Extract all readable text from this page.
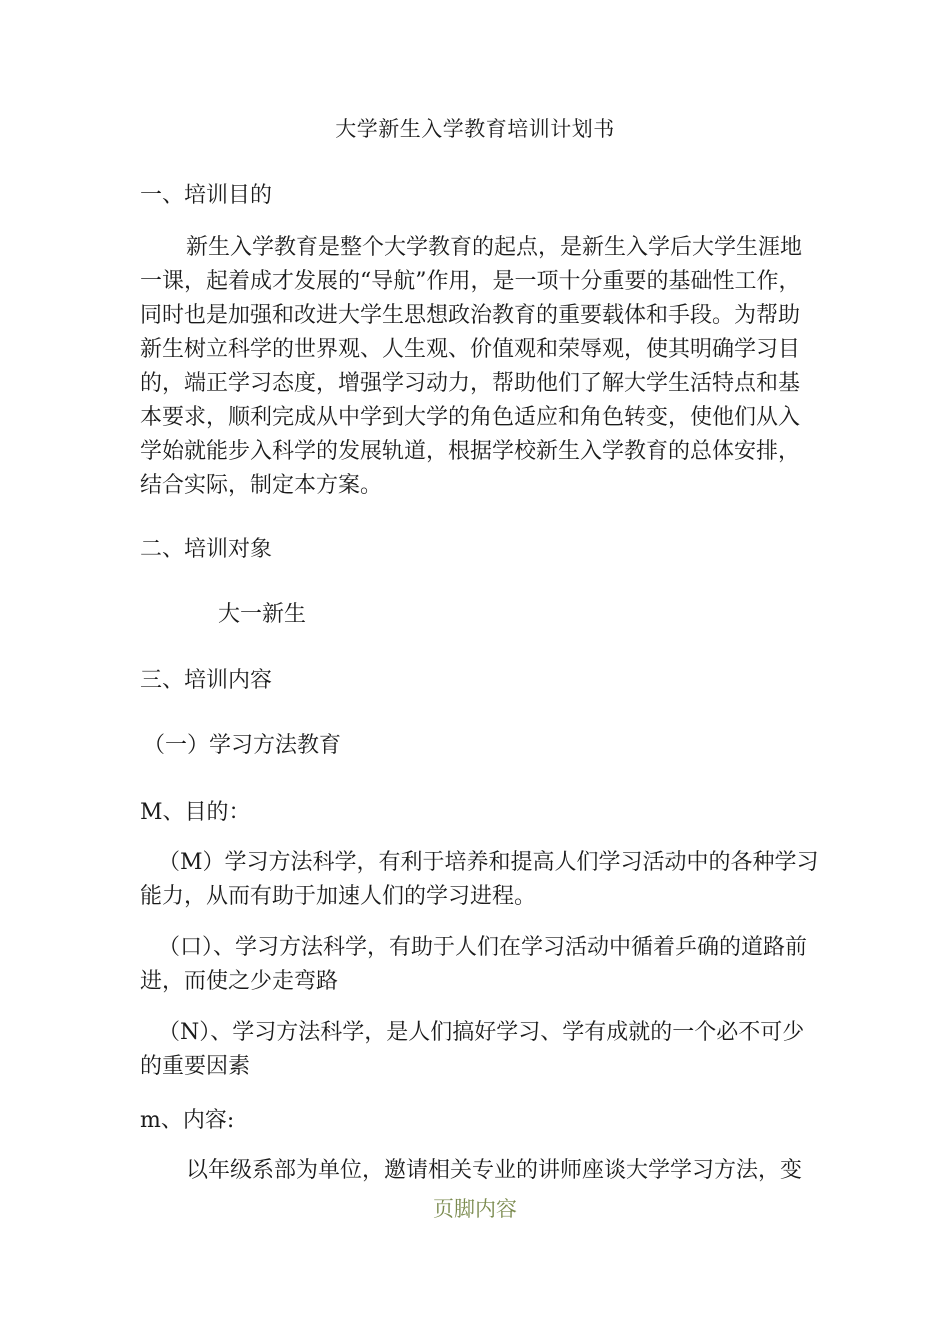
大学新生入学教育培训计划书
一、培训目的
新生入学教育是整个大学教育的起点，是新生入学后大学生涯地
一课，起着成才发展的“导航”作用，是一项十分重要的基础性工作，
同时也是加强和改进大学生思想政治教育的重要载体和手段。为帮助
新生树立科学的世界观、人生观、价值观和荣辱观，使其明确学习目
的，端正学习态度，增强学习动力，帮助他们了解大学生活特点和基
本要求，顺利完成从中学到大学的角色适应和角色转变，使他们从入
学始就能步入科学的发展轨道，根据学校新生入学教育的总体安排，
结合实际，制定本方案。
二、培训对象
大一新生
三、培训内容
（一）学习方法教育
M、目的：
（M）学习方法科学，有利于培养和提高人们学习活动中的各种学习
能力，从而有助于加速人们的学习进程。
（口）、学习方法科学，有助于人们在学习活动中循着乒确的道路前
进，而使之少走弯路
（N）、学习方法科学，是人们搞好学习、学有成就的一个必不可少
的重要因素
m、内容:
以年级系部为单位，邀请相关专业的讲师座谈大学学习方法，变
页脚内容
